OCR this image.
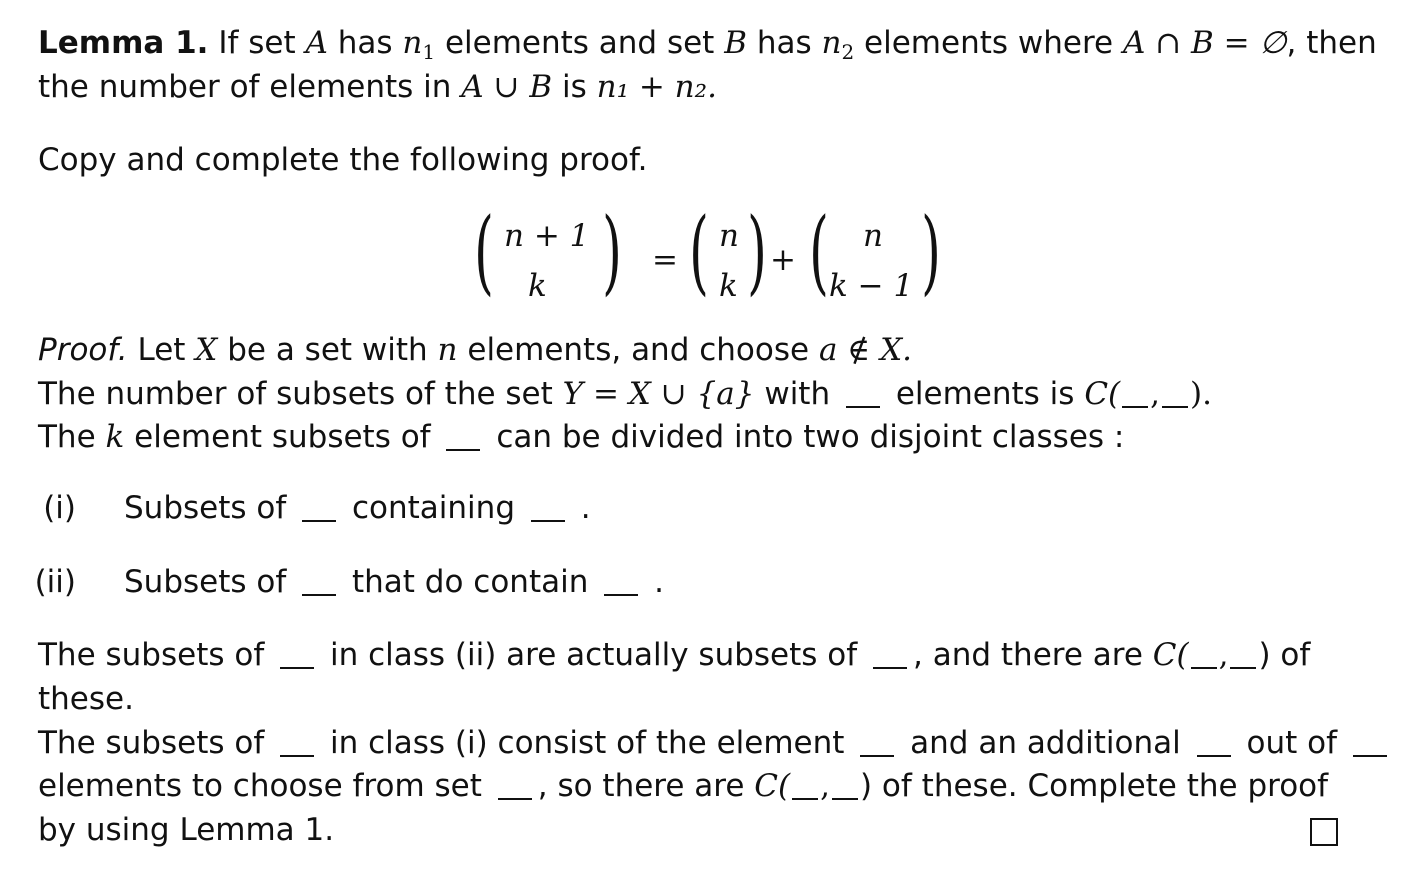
Lemma 1. If set A has $n_1$ elements and set B has $n_2$ elements where A ∩ B = ∅, then
the number of elements in A ∪ B is n₁ + n₂.
Copy and complete the following proof.
( n + 1
k ) = ( n
k ) + ( n
k − 1 )
Proof. Let X be a set with n elements, and choose a ∉ X.
The number of subsets of the set Y = X ∪ {a} with elements is C( , ).
The k element subsets of can be divided into two disjoint classes :
(i) Subsets of containing .
(ii) Subsets of that do contain .
The subsets of in class (ii) are actually subsets of , and there are C( , ) of
these.
The subsets of in class (i) consist of the element and an additional out of
elements to choose from set , so there are C( , ) of these. Complete the proof
by using Lemma 1.
